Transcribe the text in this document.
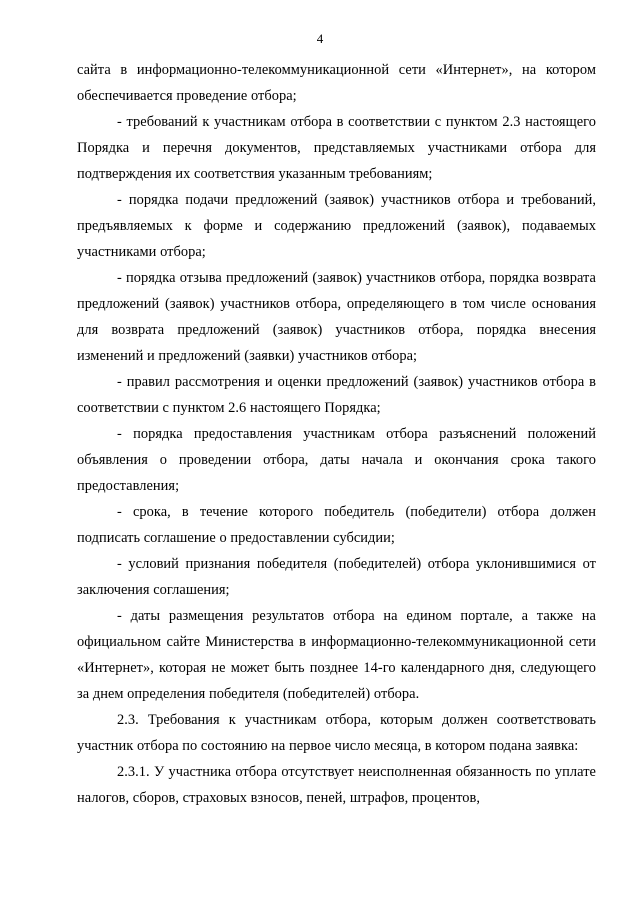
4

сайта в информационно-телекоммуникационной сети «Интернет», на котором обеспечивается проведение отбора;

- требований к участникам отбора в соответствии с пунктом 2.3 настоящего Порядка и перечня документов, представляемых участниками отбора для подтверждения их соответствия указанным требованиям;

- порядка подачи предложений (заявок) участников отбора и требований, предъявляемых к форме и содержанию предложений (заявок), подаваемых участниками отбора;

- порядка отзыва предложений (заявок) участников отбора, порядка возврата предложений (заявок) участников отбора, определяющего в том числе основания для возврата предложений (заявок) участников отбора, порядка внесения изменений и предложений (заявки) участников отбора;

- правил рассмотрения и оценки предложений (заявок) участников отбора в соответствии с пунктом 2.6 настоящего Порядка;

- порядка предоставления участникам отбора разъяснений положений объявления о проведении отбора, даты начала и окончания срока такого предоставления;

- срока, в течение которого победитель (победители) отбора должен подписать соглашение о предоставлении субсидии;

- условий признания победителя (победителей) отбора уклонившимися от заключения соглашения;

- даты размещения результатов отбора на едином портале, а также на официальном сайте Министерства в информационно-телекоммуникационной сети «Интернет», которая не может быть позднее 14-го календарного дня, следующего за днем определения победителя (победителей) отбора.

2.3. Требования к участникам отбора, которым должен соответствовать участник отбора по состоянию на первое число месяца, в котором подана заявка:

2.3.1. У участника отбора отсутствует неисполненная обязанность по уплате налогов, сборов, страховых взносов, пеней, штрафов, процентов,
